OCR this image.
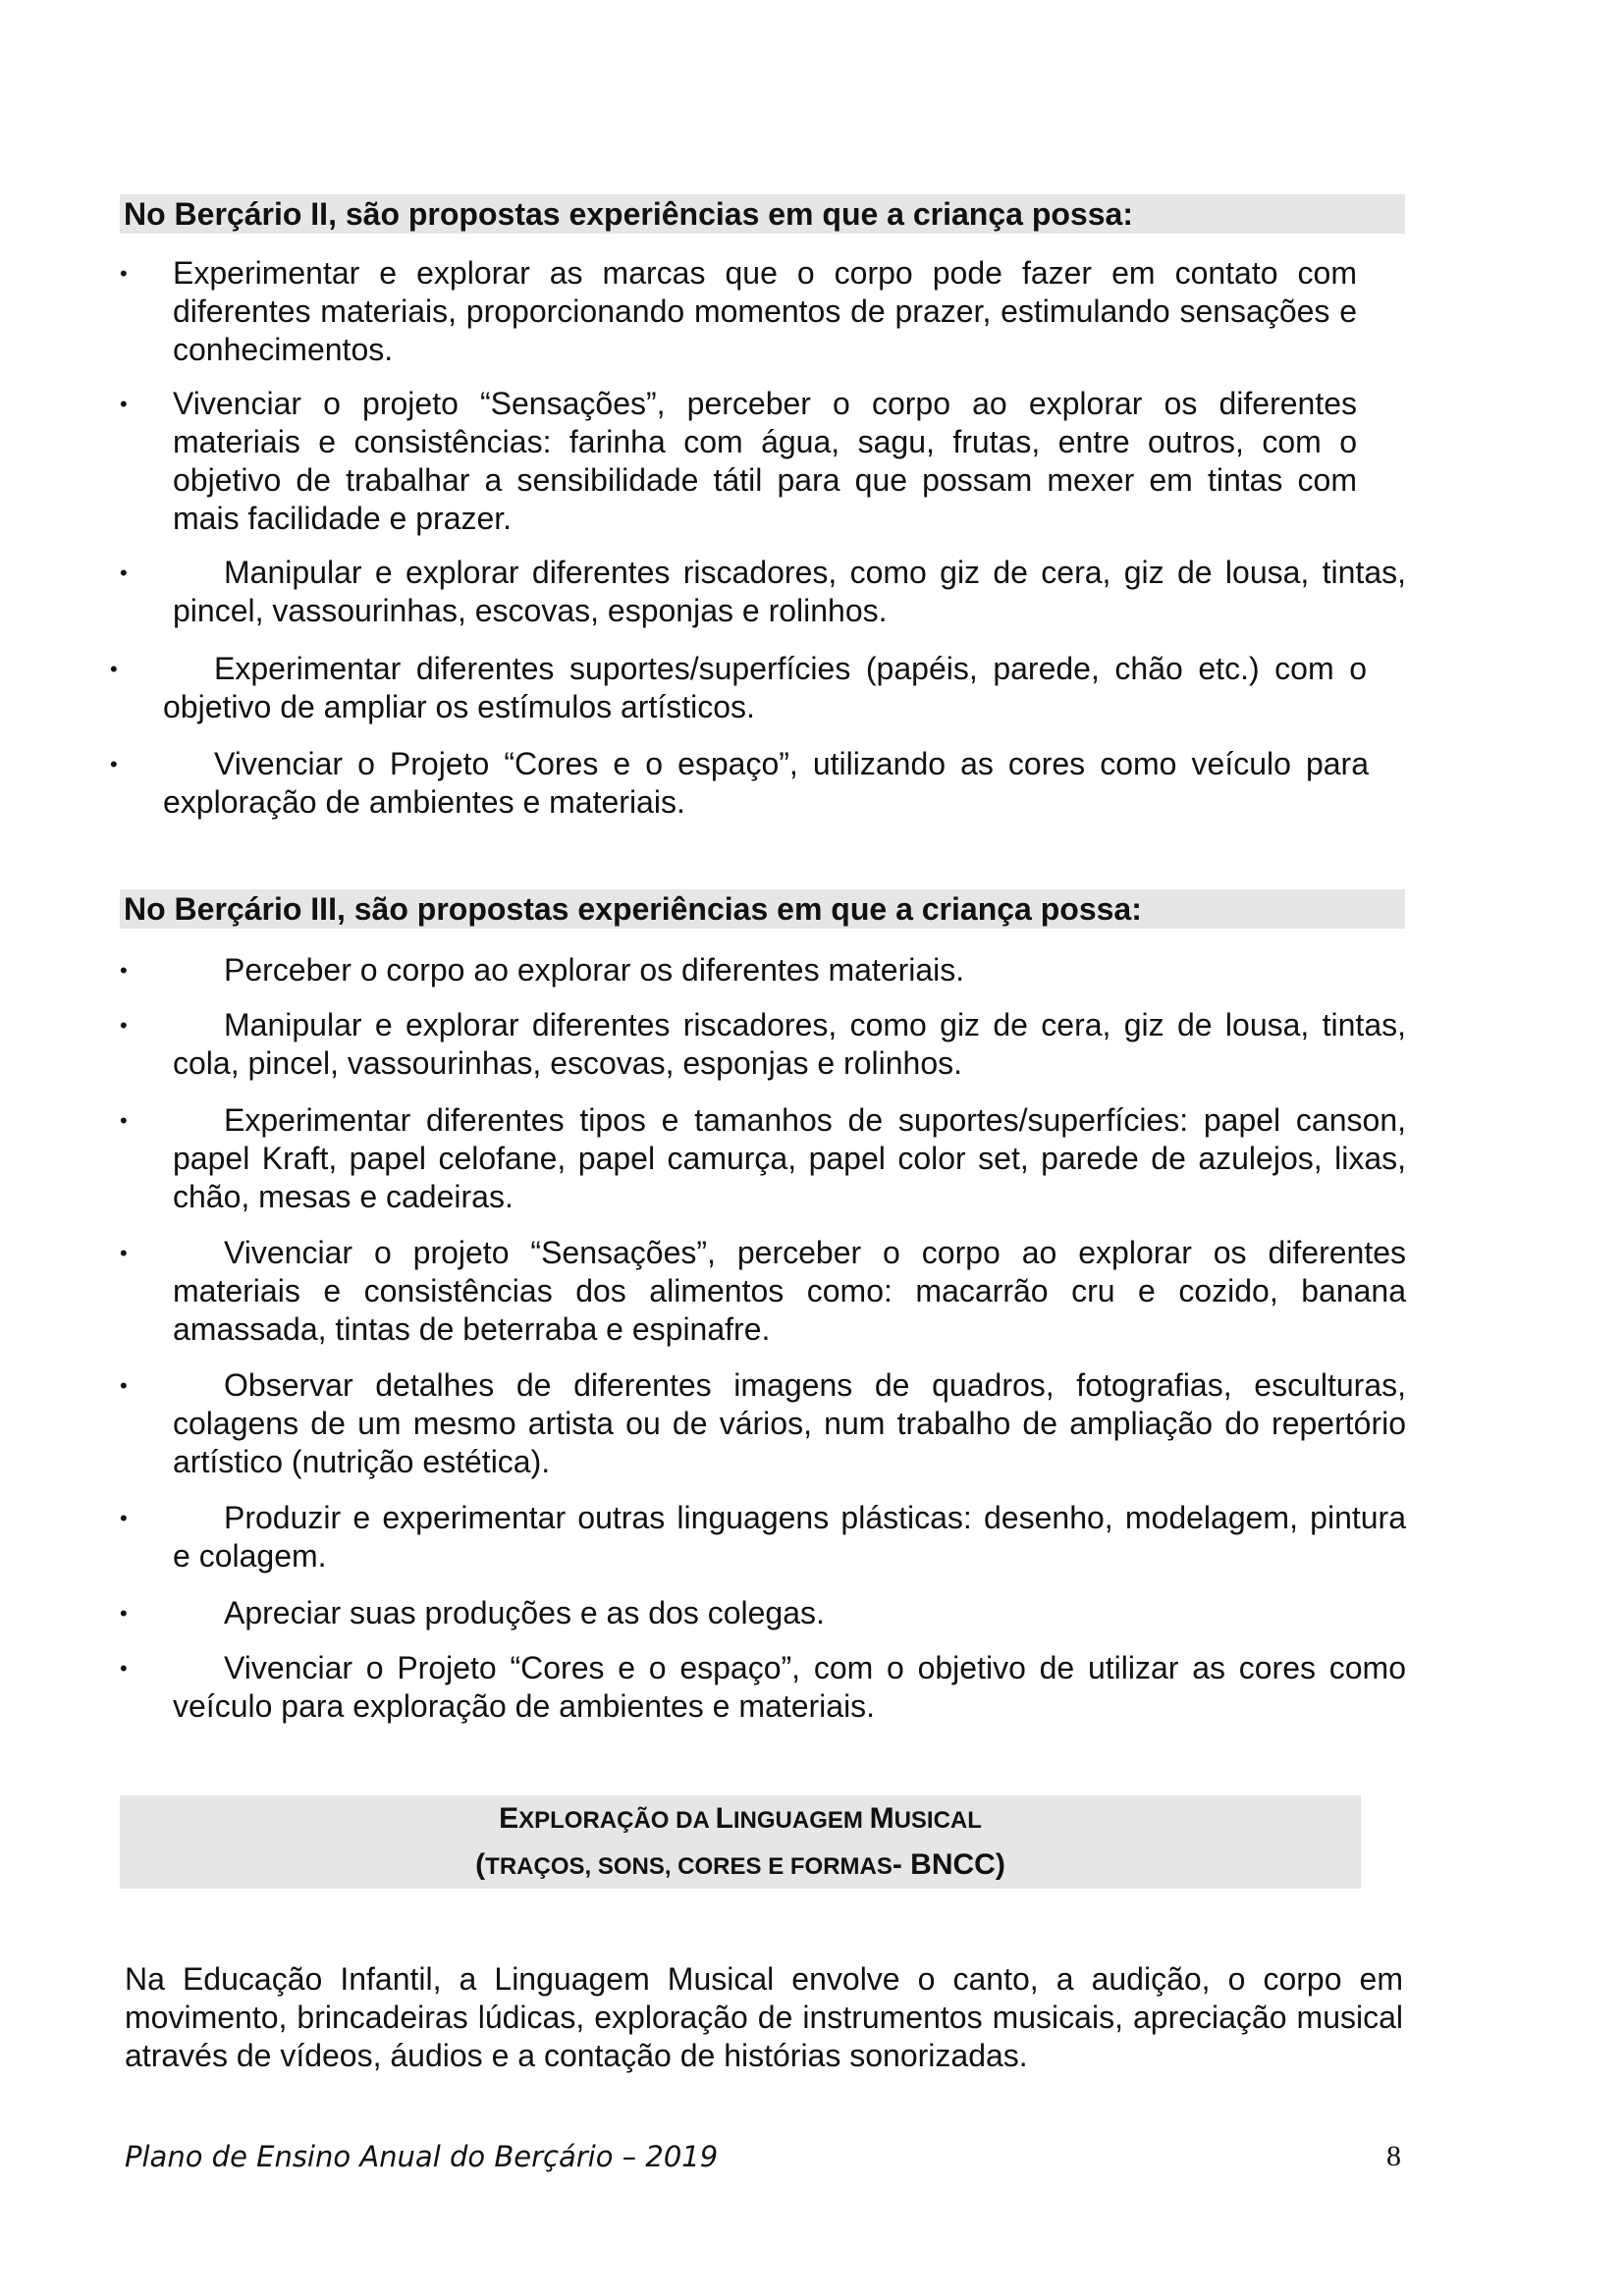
No Berçário II, são propostas experiências em que a criança possa:
• Experimentar e explorar as marcas que o corpo pode fazer em contato com diferentes materiais, proporcionando momentos de prazer, estimulando sensações e conhecimentos.
• Vivenciar o projeto “Sensações”, perceber o corpo ao explorar os diferentes materiais e consistências: farinha com água, sagu, frutas, entre outros, com o objetivo de trabalhar a sensibilidade tátil para que possam mexer em tintas com mais facilidade e prazer.
•	Manipular e explorar diferentes riscadores, como giz de cera, giz de lousa, tintas, pincel, vassourinhas, escovas, esponjas e rolinhos.
•	Experimentar diferentes suportes/superfícies (papéis, parede, chão etc.) com o objetivo de ampliar os estímulos artísticos.
•	Vivenciar o Projeto “Cores e o espaço”, utilizando as cores como veículo para exploração de ambientes e materiais.
No Berçário III, são propostas experiências em que a criança possa:
•	Perceber o corpo ao explorar os diferentes materiais.
•	Manipular e explorar diferentes riscadores, como giz de cera, giz de lousa, tintas, cola, pincel, vassourinhas, escovas, esponjas e rolinhos.
•	Experimentar diferentes tipos e tamanhos de suportes/superfícies: papel canson, papel Kraft, papel celofane, papel camurça, papel color set, parede de azulejos, lixas, chão, mesas e cadeiras.
•	Vivenciar o projeto “Sensações”, perceber o corpo ao explorar os diferentes materiais e consistências dos alimentos como: macarrão cru e cozido, banana amassada, tintas de beterraba e espinafre.
•	Observar detalhes de diferentes imagens de quadros, fotografias, esculturas, colagens de um mesmo artista ou de vários, num trabalho de ampliação do repertório artístico (nutrição estética).
•	Produzir e experimentar outras linguagens plásticas: desenho, modelagem, pintura e colagem.
•	Apreciar suas produções e as dos colegas.
•	Vivenciar o Projeto “Cores e o espaço”, com o objetivo de utilizar as cores como veículo para exploração de ambientes e materiais.
EXPLORAÇÃO DA LINGUAGEM MUSICAL
(TRAÇOS, SONS, CORES E FORMAS- BNCC)
Na Educação Infantil, a Linguagem Musical envolve o canto, a audição, o corpo em movimento, brincadeiras lúdicas, exploração de instrumentos musicais, apreciação musical através de vídeos, áudios e a contação de histórias sonorizadas.
Plano de Ensino Anual do Berçário – 2019	8
